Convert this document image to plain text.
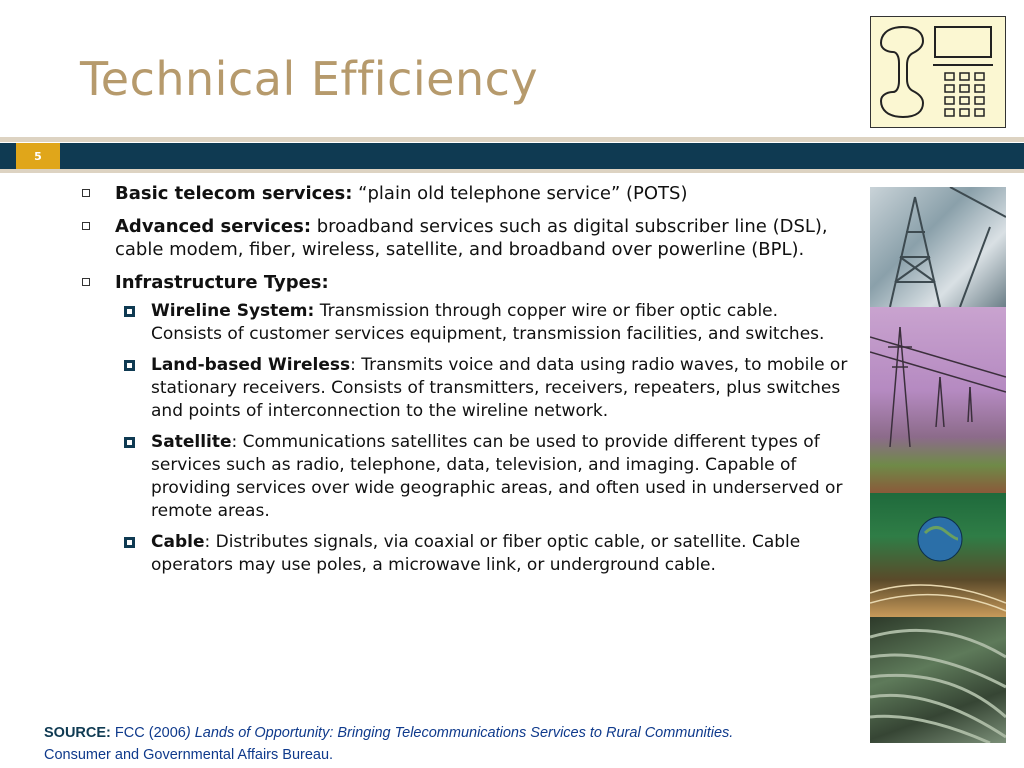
Technical Efficiency
5
Basic telecom services: “plain old telephone service” (POTS)
Advanced services: broadband services such as digital subscriber line (DSL), cable modem, fiber, wireless, satellite, and broadband over powerline (BPL).
Infrastructure Types:
Wireline System: Transmission through copper wire or fiber optic cable. Consists of customer services equipment, transmission facilities, and switches.
Land-based Wireless: Transmits voice and data using radio waves, to mobile or stationary receivers. Consists of transmitters, receivers, repeaters, plus switches and points of interconnection to the wireline network.
Satellite: Communications satellites can be used to provide different types of services such as radio, telephone, data, television, and imaging. Capable of providing services over wide geographic areas, and often used in underserved or remote areas.
Cable: Distributes signals, via coaxial or fiber optic cable, or satellite. Cable operators may use poles, a microwave link, or underground cable.
SOURCE: FCC (2006) Lands of Opportunity: Bringing Telecommunications Services to Rural Communities.
Consumer and Governmental Affairs Bureau.
